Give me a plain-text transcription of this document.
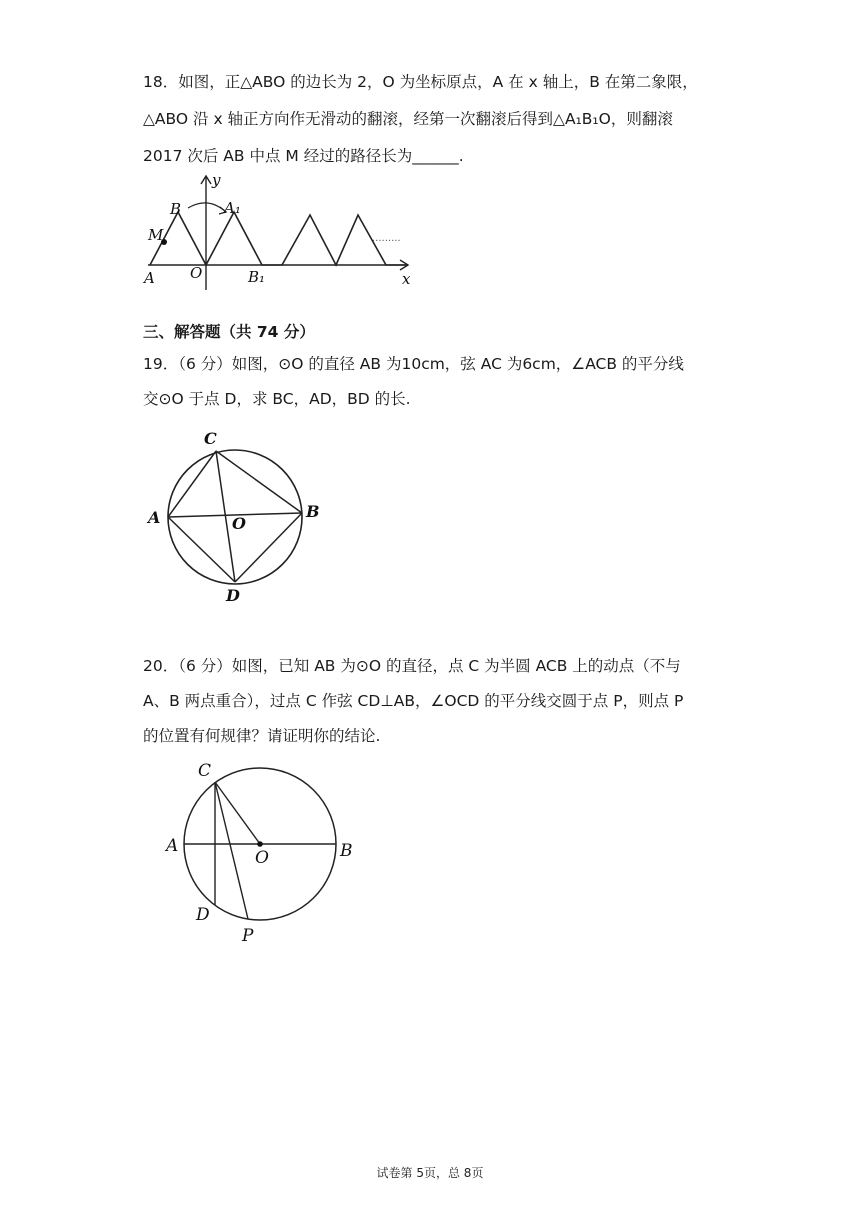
18．如图，正△ABO 的边长为 2，O 为坐标原点，A 在 x 轴上，B 在第二象限，
△ABO 沿 x 轴正方向作无滑动的翻滚，经第一次翻滚后得到△A₁B₁O，则翻滚
2017 次后 AB 中点 M 经过的路径长为______.
y
x
B	A₁
M
A O	B₁
·········
三、解答题（共 74 分）
19．（6 分）如图，⊙O 的直径 AB 为10cm，弦 AC 为6cm，∠ACB 的平分线
交⊙O 于点 D，求 BC，AD，BD 的长.
C
A	O
B
D
20．（6 分）如图，已知 AB 为⊙O 的直径，点 C 为半圆 ACB 上的动点（不与
A、B 两点重合），过点 C 作弦 CD⊥AB，∠OCD 的平分线交圆于点 P，则点 P
的位置有何规律？请证明你的结论.
C
A
O	B
D
P
试卷第 5页，总 8页
